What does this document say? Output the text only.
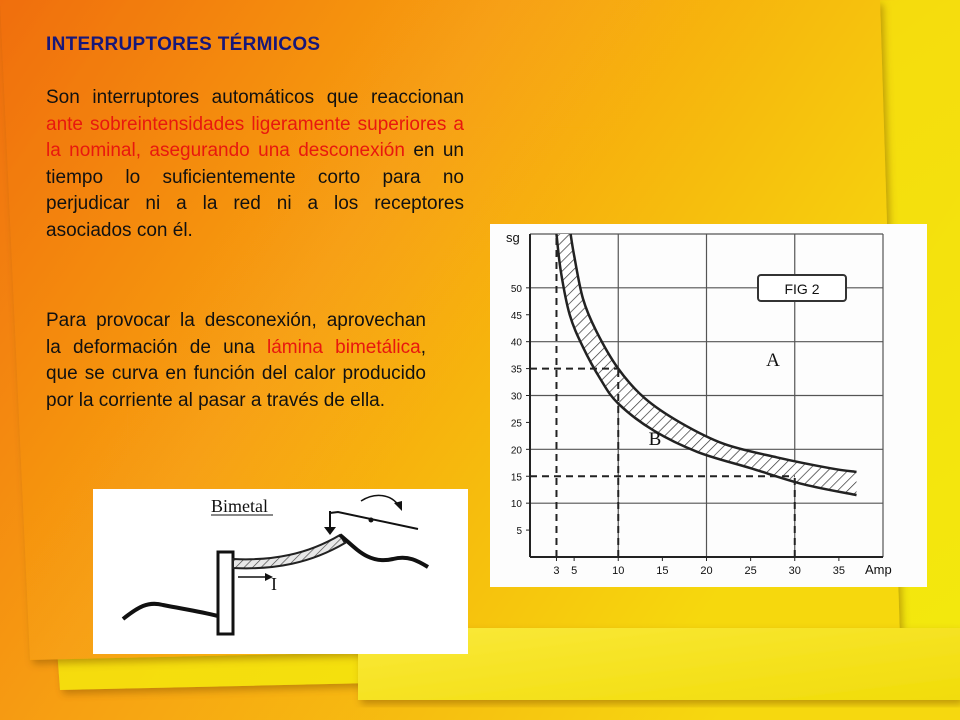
INTERRUPTORES TÉRMICOS

Son interruptores automáticos que reaccionan ante sobreintensidades ligeramente superiores a la nominal, asegurando una desconexión en un tiempo lo suficientemente corto para no perjudicar ni a la red ni a los receptores asociados con él.

Para provocar la desconexión, aprovechan la deformación de una lámina bimetálica, que se curva en función del calor producido por la corriente al pasar a través de ella.

5
10
15
20
25
30
35
40
45
50
3 5	10	15	20	25	30	35
sg
Amp
FIG 2
A
B
Bimetal
I
